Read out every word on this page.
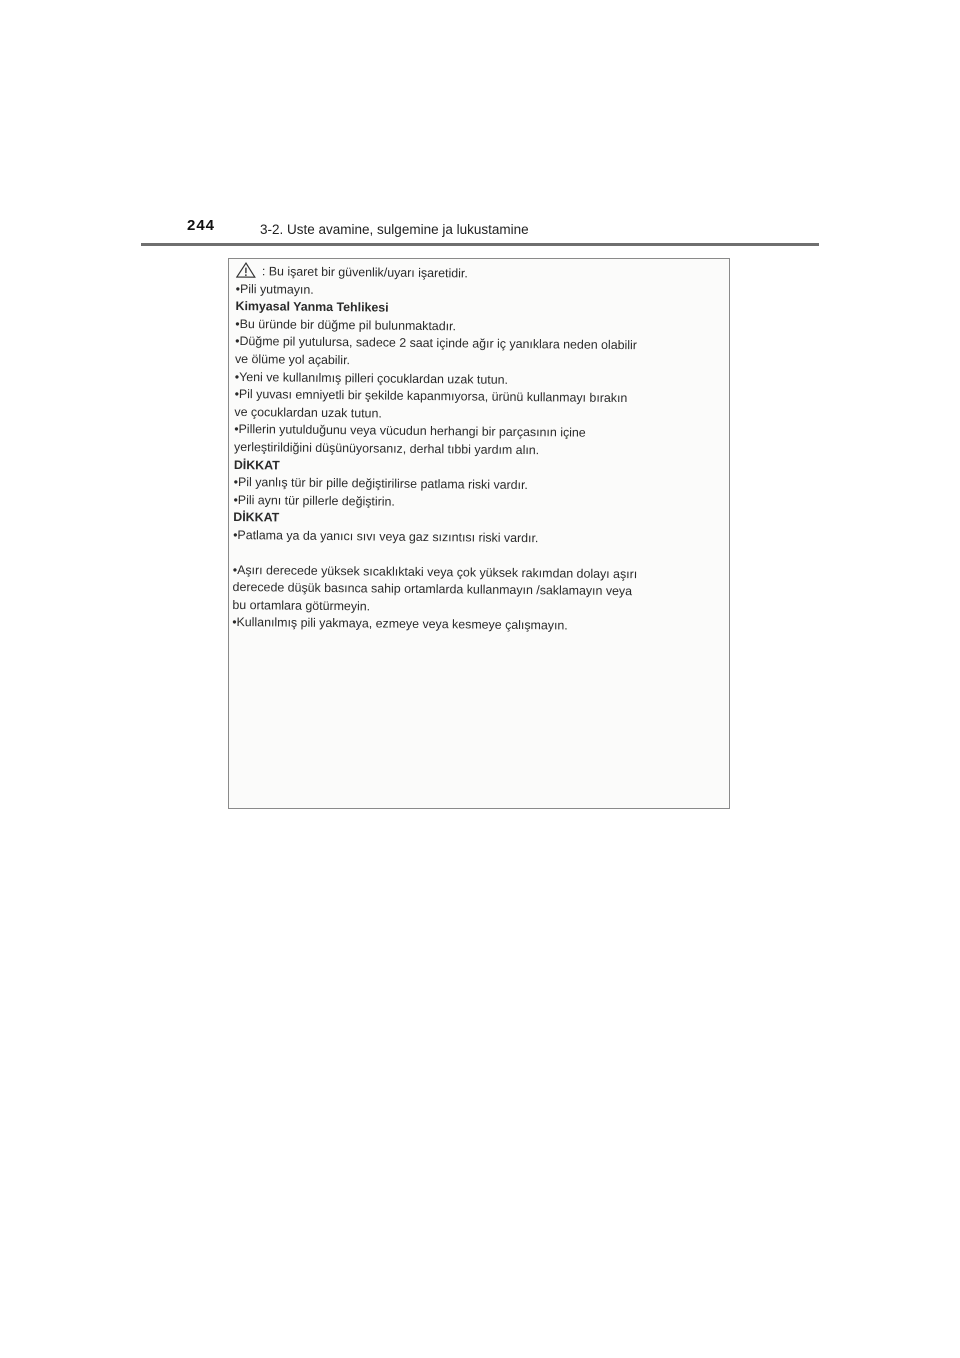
244	3-2. Uste avamine, sulgemine ja lukustamine
: Bu işaret bir güvenlik/uyarı işaretidir.
•Pili yutmayın.
Kimyasal Yanma Tehlikesi
•Bu üründe bir düğme pil bulunmaktadır.
•Düğme pil yutulursa, sadece 2 saat içinde ağır iç yanıklara neden olabilir
ve ölüme yol açabilir.
•Yeni ve kullanılmış pilleri çocuklardan uzak tutun.
•Pil yuvası emniyetli bir şekilde kapanmıyorsa, ürünü kullanmayı bırakın
ve çocuklardan uzak tutun.
•Pillerin yutulduğunu veya vücudun herhangi bir parçasının içine
yerleştirildiğini düşünüyorsanız, derhal tıbbi yardım alın.
DİKKAT
•Pil yanlış tür bir pille değiştirilirse patlama riski vardır.
•Pili aynı tür pillerle değiştirin.
DİKKAT
•Patlama ya da yanıcı sıvı veya gaz sızıntısı riski vardır.
•Aşırı derecede yüksek sıcaklıktaki veya çok yüksek rakımdan dolayı aşırı
derecede düşük basınca sahip ortamlarda kullanmayın /saklamayın veya
bu ortamlara götürmeyin.
•Kullanılmış pili yakmaya, ezmeye veya kesmeye çalışmayın.
